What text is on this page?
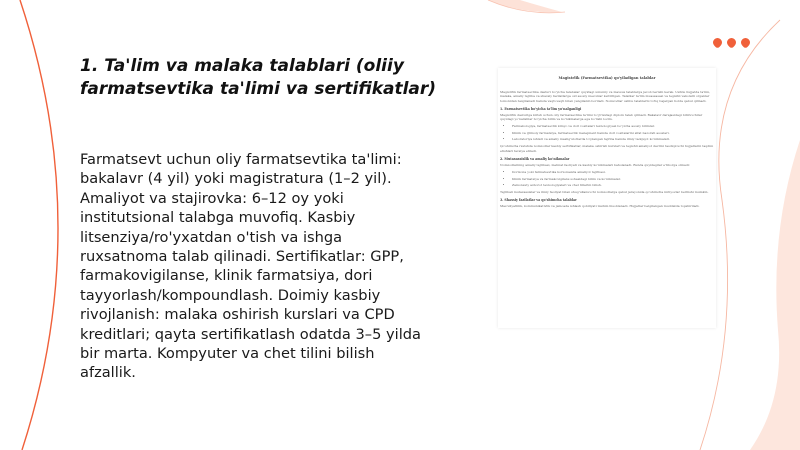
1. Ta'lim va malaka talablari (oliiy farmatsevtika ta'limi va sertifikatlar)

Farmatsevt uchun oliy farmatsevtika ta'limi: bakalavr (4 yil) yoki magistratura (1–2 yil). Amaliyot va stajirovka: 6–12 oy yoki institutsional talabga muvofiq. Kasbiy litsenziya/ro'yxatdan o'tish va ishga ruxsatnoma talab qilinadi. Sertifikatlar: GPP, farmakovigilanse, klinik farmatsiya, dori tayyorlash/kompoundlash. Doimiy kasbiy rivojlanish: malaka oshirish kurslari va CPD kreditlari; qayta sertifikatlash odatda 3–5 yilda bir marta. Kompyuter va chet tilini bilish afzallik.

Magistrlik (Farmatsevtika) qo'yiladigan talablar

Magistrlik farmatsevtika dasturi bo'yicha talabalar quyidagi umumiy va maxsus talablarga javob berishi kerak. Ushbu hujjatda ta'lim, malaka, amaliy tajriba va shaxsiy fazilatlarga oid asosiy mezonlar keltirilgan. Talablar ta'lim muassasasi va tegishli vakolatli organlar tomonidan belgilanadi hamda vaqti-vaqti bilan yangilanib boriladi. Nomzodlar ushbu talablarni to'liq bajargan holda qabul qilinadi.

1. Farmatsevtika bo'yicha ta'lim yo'nalganligi

Magistrlik dasturiga kirish uchun oliy farmatsevtika ta'limi to'g'risidagi diplom talab qilinadi. Bakalavr darajasidagi bitiruvchilar quyidagi yo'nalishlar bo'yicha bilim va ko'nikmalarga ega bo'lishi lozim.

• Farmakologiya, farmatsevtik kimyo va dori vositalari texnologiyasi bo'yicha asosiy bilimlar.
• Klinik va ijtimoiy farmatsiya, farmatsevtik menejment hamda dori vositalarini sifat nazorati asoslari.
• Laboratoriya ishlari va amaliy mashg'ulotlarda to'plangan tajriba hamda ilmiy tadqiqot ko'nikmalari.

Qo'shimcha ravishda nomzodlar kasbiy sertifikatlar, malaka oshirish kurslari va tegishli amaliyot davrini tasdiqlovchi hujjatlarni taqdim etishlari tavsiya etiladi.

2. Mutaxassislik va amaliy ko'nikmalar

Nomzodlarning amaliy tajribasi, mehnat faoliyati va kasbiy ko'nikmalari baholanadi. Bunda quyidagilar e'tiborga olinadi:

• Dorixona yoki farmatsevtika korxonasida amaliyot tajribasi.
• Klinik farmatsiya va farmakovigilans sohasidagi bilim va ko'nikmalar.
• Zamonaviy axborot texnologiyalari va chet tillarini bilish.

Tajribali mutaxassislar va ilmiy faoliyat bilan shug'ullanuvchi nomzodlarga qabul jarayonida qo'shimcha imtiyozlar berilishi mumkin.

3. Shaxsiy fazilatlar va qo'shimcha talablar

Mas'uliyatlilik, kommunikativlik va jamoada ishlash qobiliyati muhim hisoblanadi. Hujjatlar belgilangan muddatda topshiriladi.
